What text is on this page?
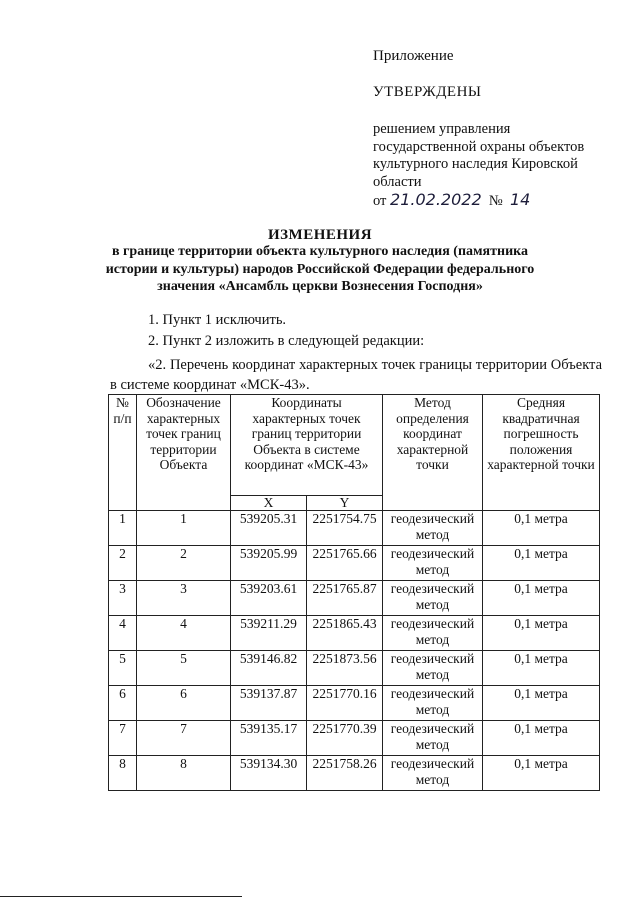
Приложение
УТВЕРЖДЕНЫ
решением управления
государственной охраны объектов
культурного наследия Кировской
области
от 21.02.2022 № 14
ИЗМЕНЕНИЯ
в границе территории объекта культурного наследия (памятника
истории и культуры) народов Российской Федерации федерального
значения «Ансамбль церкви Вознесения Господня»
1. Пункт 1 исключить.
2. Пункт 2 изложить в следующей редакции:
«2. Перечень координат характерных точек границы территории Объекта в системе координат «МСК-43».
№ п/п	Обозначение характерных точек границ территории Объекта	Координаты характерных точек границ территории Объекта в системе координат «МСК-43»		Метод определения координат характерной точки	Средняя квадратичная погрешность положения характерной точки
		X	Y		
1	1	539205.31	2251754.75	геодезический метод	0,1 метра
2	2	539205.99	2251765.66	геодезический метод	0,1 метра
3	3	539203.61	2251765.87	геодезический метод	0,1 метра
4	4	539211.29	2251865.43	геодезический метод	0,1 метра
5	5	539146.82	2251873.56	геодезический метод	0,1 метра
6	6	539137.87	2251770.16	геодезический метод	0,1 метра
7	7	539135.17	2251770.39	геодезический метод	0,1 метра
8	8	539134.30	2251758.26	геодезический метод	0,1 метра
